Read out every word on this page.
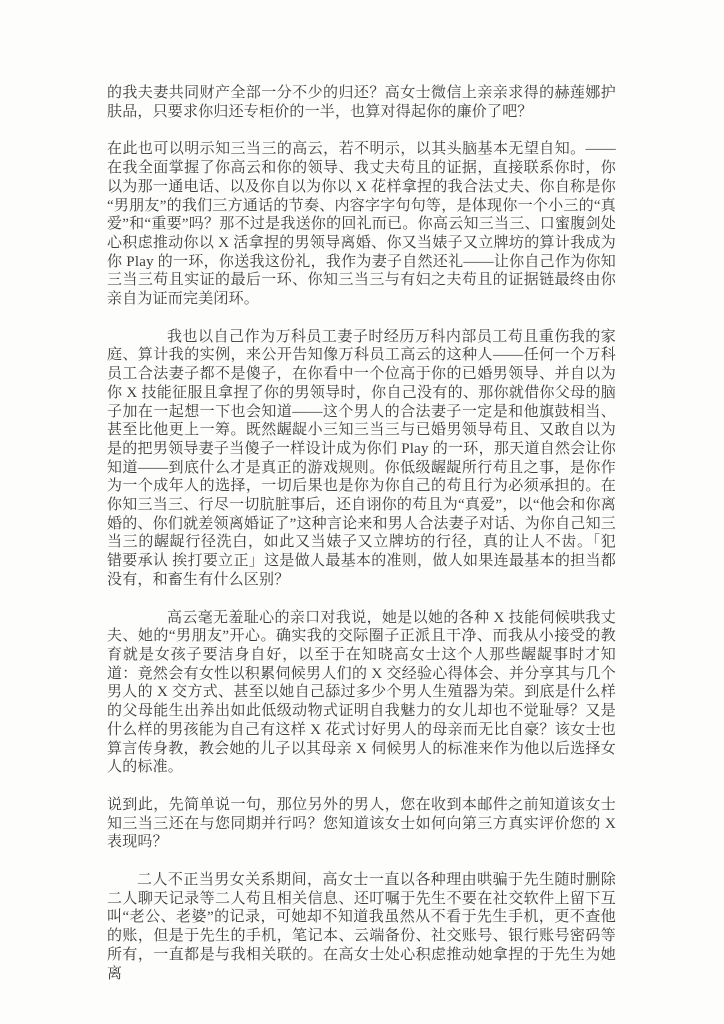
的我夫妻共同财产全部一分不少的归还？高女士微信上亲亲求得的赫莲娜护肤品，只要求你归还专柜价的一半，也算对得起你的廉价了吧？

在此也可以明示知三当三的高云，若不明示，以其头脑基本无望自知。——在我全面掌握了你高云和你的领导、我丈夫苟且的证据，直接联系你时，你以为那一通电话、以及你自以为你以 X 花样拿捏的我合法丈夫、你自称是你“男朋友”的我们三方通话的节奏、内容字字句句等，是体现你一个小三的“真爱”和“重要”吗？那不过是我送你的回礼而已。你高云知三当三、口蜜腹剑处心积虑推动你以 X 活拿捏的男领导离婚、你又当婊子又立牌坊的算计我成为你 Play 的一环，你送我这份礼，我作为妻子自然还礼——让你自己作为你知三当三苟且实证的最后一环、你知三当三与有妇之夫苟且的证据链最终由你亲自为证而完美闭环。

我也以自己作为万科员工妻子时经历万科内部员工苟且重伤我的家庭、算计我的实例，来公开告知像万科员工高云的这种人——任何一个万科员工合法妻子都不是傻子，在你看中一个位高于你的已婚男领导、并自以为你 X 技能征服且拿捏了你的男领导时，你自己没有的、那你就借你父母的脑子加在一起想一下也会知道——这个男人的合法妻子一定是和他旗鼓相当、甚至比他更上一筹。既然龌龊小三知三当三与已婚男领导苟且、又敢自以为是的把男领导妻子当傻子一样设计成为你们 Play 的一环，那天道自然会让你知道——到底什么才是真正的游戏规则。你低级龌龊所行苟且之事，是你作为一个成年人的选择，一切后果也是你为你自己的苟且行为必须承担的。在你知三当三、行尽一切肮脏事后，还自诩你的苟且为“真爱”，以“他会和你离婚的、你们就差领离婚证了”这种言论来和男人合法妻子对话、为你自己知三当三的龌龊行径洗白，如此又当婊子又立牌坊的行径，真的让人不齿。「犯错要承认 挨打要立正」这是做人最基本的准则，做人如果连最基本的担当都没有，和畜生有什么区别？

高云毫无羞耻心的亲口对我说，她是以她的各种 X 技能伺候哄我丈夫、她的“男朋友”开心。确实我的交际圈子正派且干净、而我从小接受的教育就是女孩子要洁身自好，以至于在知晓高女士这个人那些龌龊事时才知道：竟然会有女性以积累伺候男人们的 X 交经验心得体会、并分享其与几个男人的 X 交方式、甚至以她自己舔过多少个男人生殖器为荣。到底是什么样的父母能生出养出如此低级动物式证明自我魅力的女儿却也不觉耻辱？又是什么样的男孩能为自己有这样 X 花式讨好男人的母亲而无比自豪？该女士也算言传身教，教会她的儿子以其母亲 X 伺候男人的标准来作为他以后选择女人的标准。

说到此，先简单说一句，那位另外的男人，您在收到本邮件之前知道该女士知三当三还在与您同期并行吗？您知道该女士如何向第三方真实评价您的 X 表现吗？

二人不正当男女关系期间，高女士一直以各种理由哄骗于先生随时删除二人聊天记录等二人苟且相关信息、还叮嘱于先生不要在社交软件上留下互叫“老公、老婆”的记录，可她却不知道我虽然从不看于先生手机，更不查他的账，但是于先生的手机，笔记本、云端备份、社交账号、银行账号密码等所有，一直都是与我相关联的。在高女士处心积虑推动她拿捏的于先生为她离
